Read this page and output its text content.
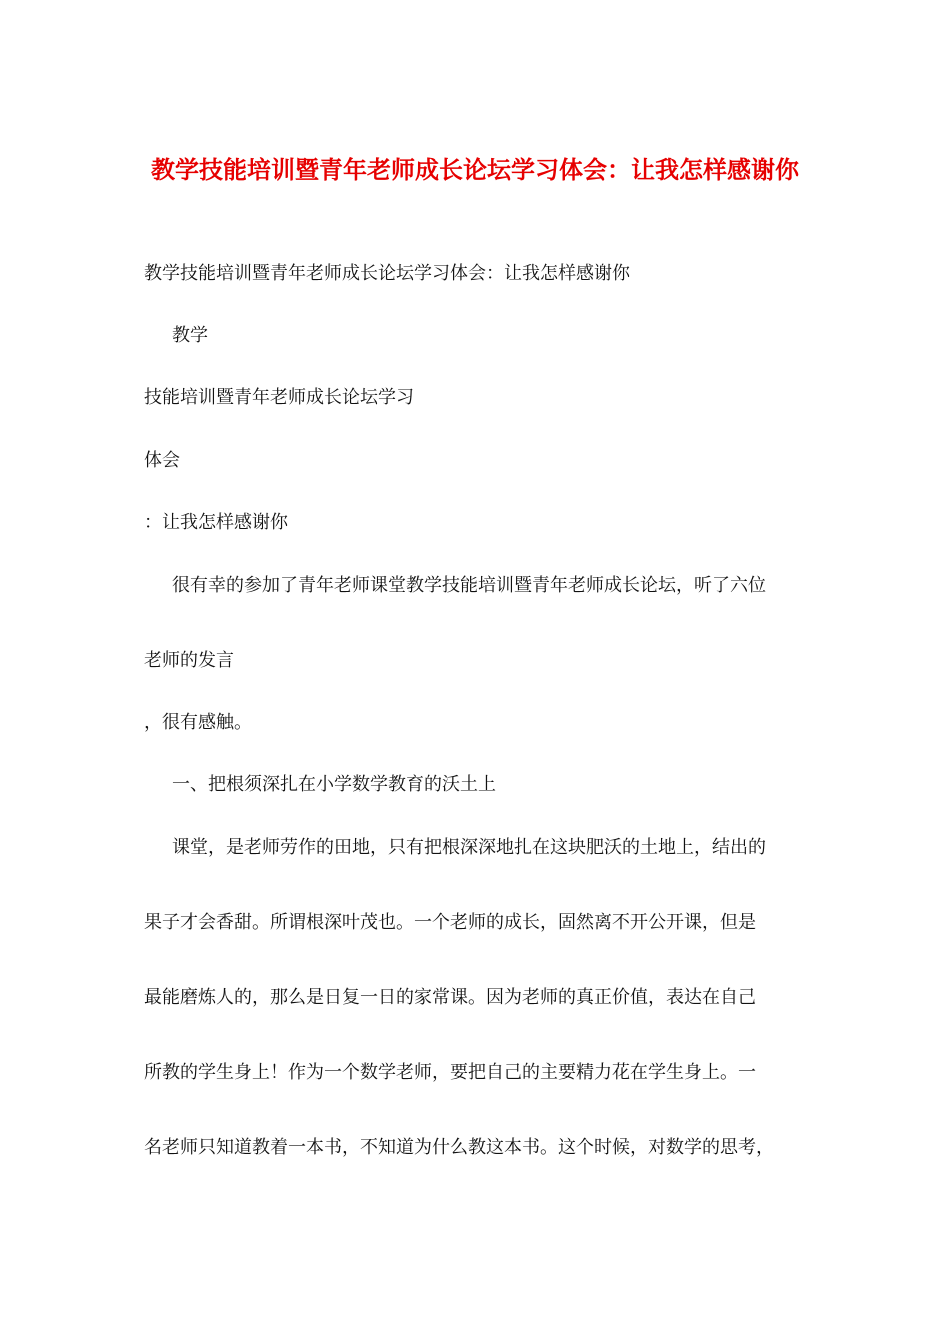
教学技能培训暨青年老师成长论坛学习体会：让我怎样感谢你

教学技能培训暨青年老师成长论坛学习体会：让我怎样感谢你

教学

技能培训暨青年老师成长论坛学习

体会

：让我怎样感谢你

很有幸的参加了青年老师课堂教学技能培训暨青年老师成长论坛，听了六位

老师的发言

，很有感触。

一、把根须深扎在小学数学教育的沃土上

课堂，是老师劳作的田地，只有把根深深地扎在这块肥沃的土地上，结出的

果子才会香甜。所谓根深叶茂也。一个老师的成长，固然离不开公开课，但是

最能磨炼人的，那么是日复一日的家常课。因为老师的真正价值，表达在自己

所教的学生身上！作为一个数学老师，要把自己的主要精力花在学生身上。一

名老师只知道教着一本书，不知道为什么教这本书。这个时候，对数学的思考，
